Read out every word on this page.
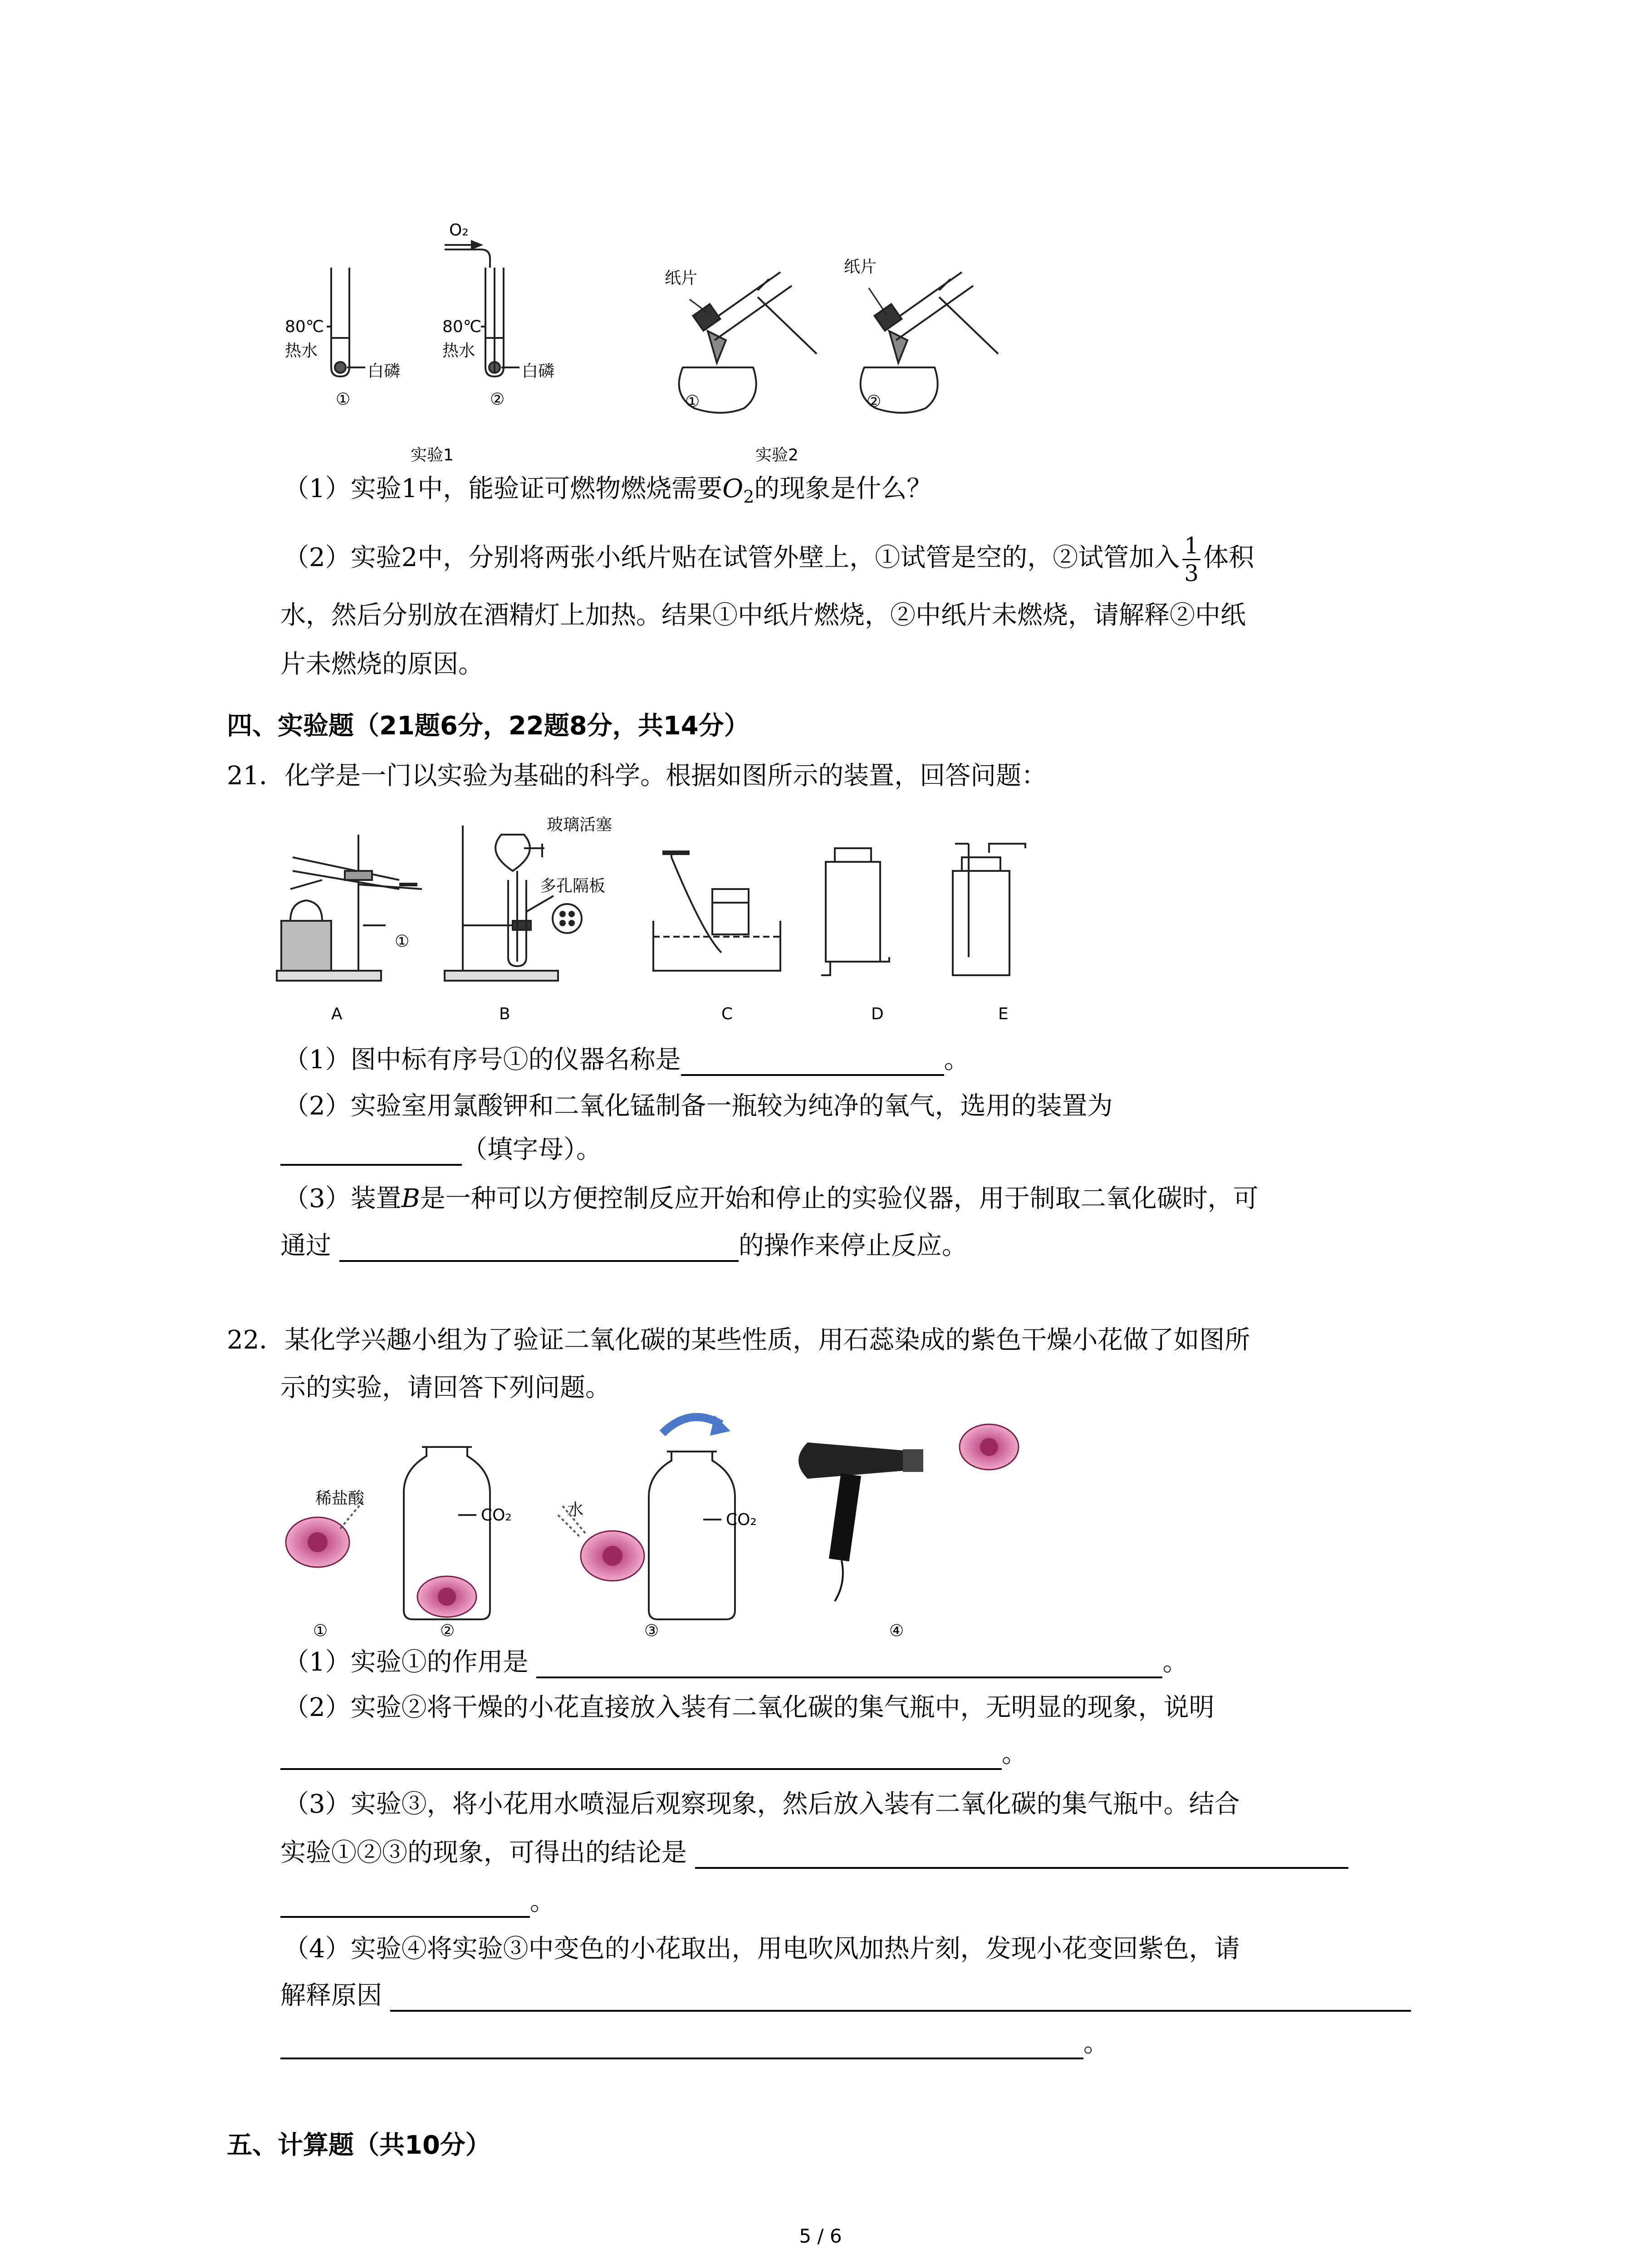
O₂
80℃
热水
白磷
①
80℃
热水
白磷
②
纸片
①
纸片
②
实验1	实验2
（1）实验1中，能验证可燃物燃烧需要$O_2$的现象是什么？
（2）实验2中，分别将两张小纸片贴在试管外壁上，①试管是空的，②试管加入 $\frac{1}{3}$ 体积
水，然后分别放在酒精灯上加热。结果①中纸片燃烧，②中纸片未燃烧，请解释②中纸
片未燃烧的原因。
四、实验题（21题6分，22题8分，共14分）
21．化学是一门以实验为基础的科学。根据如图所示的装置，回答问题：
玻璃活塞
多孔隔板
①
A	B	C	D	E
（1）图中标有序号①的仪器名称是	。
（2）实验室用氯酸钾和二氧化锰制备一瓶较为纯净的氧气，选用的装置为
（填字母）。
（3）装置B是一种可以方便控制反应开始和停止的实验仪器，用于制取二氧化碳时，可
通过	的操作来停止反应。
22．某化学兴趣小组为了验证二氧化碳的某些性质，用石蕊染成的紫色干燥小花做了如图所
示的实验，请回答下列问题。
稀盐酸
CO₂	水
CO₂
①	②	③	④
（1）实验①的作用是	。
（2）实验②将干燥的小花直接放入装有二氧化碳的集气瓶中，无明显的现象，说明
。
（3）实验③，将小花用水喷湿后观察现象，然后放入装有二氧化碳的集气瓶中。结合
实验①②③的现象，可得出的结论是
。
（4）实验④将实验③中变色的小花取出，用电吹风加热片刻，发现小花变回紫色，请
解释原因
。
五、计算题（共10分）
5 / 6
